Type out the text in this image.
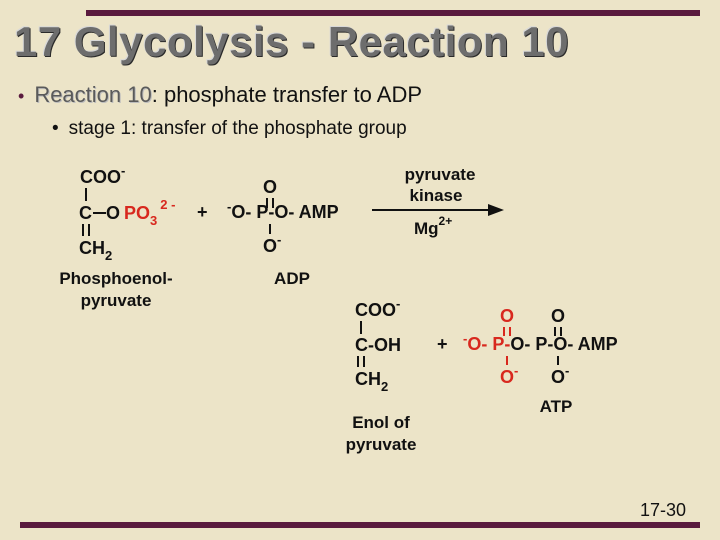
17 Glycolysis - Reaction 10
• Reaction 10: phosphate transfer to ADP
• stage 1: transfer of the phosphate group
COO-
C O $PO_3^{2 -}$
$CH_2$
Phosphoenol-
pyruvate
+
O
-O- P-O- AMP
O-
ADP
pyruvate
kinase
$Mg^{2+}$
COO-
C-OH
$CH_2$
Enol of
pyruvate
+
O O
-O- P-O- P-O- AMP
O- O-
ATP
17-30
